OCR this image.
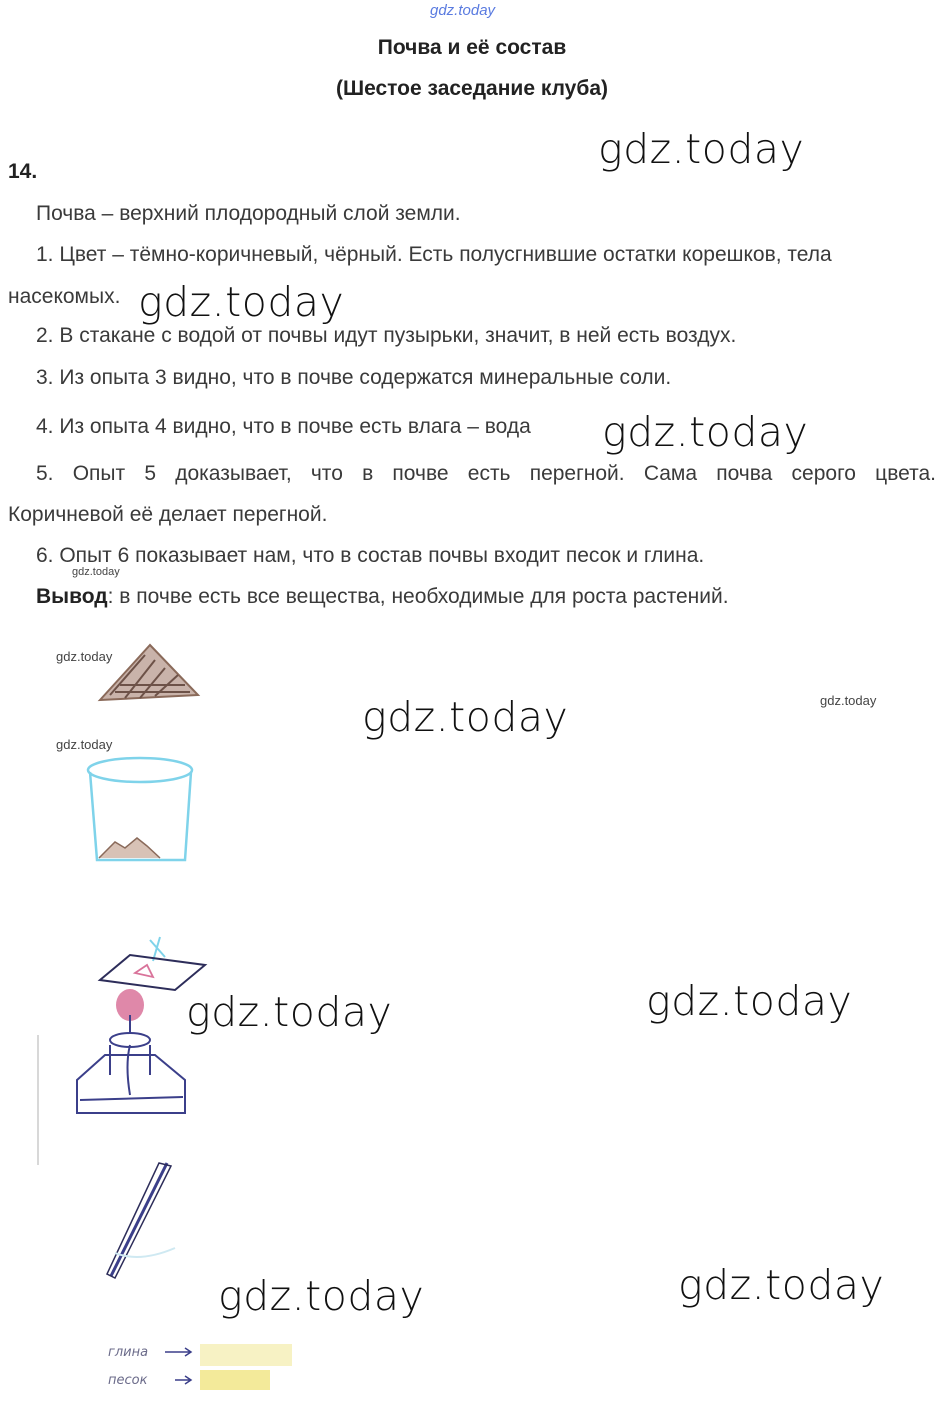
gdz.today
Почва и её состав
(Шестое заседание клуба)
gdz.today
gdz.today
gdz.today
gdz.today
gdz.today	gdz.today
gdz.today	gdz.today
14.
Почва – верхний плодородный слой земли.
1. Цвет – тёмно-коричневый, чёрный. Есть полусгнившие остатки корешков, тела
насекомых.
2. В стакане с водой от почвы идут пузырьки, значит, в ней есть воздух.
3. Из опыта 3 видно, что в почве содержатся минеральные соли.
4. Из опыта 4 видно, что в почве есть влага – вода
5. Опыт 5 доказывает, что в почве есть перегной. Сама почва серого цвета.
Коричневой её делает перегной.
6. Опыт 6 показывает нам, что в состав почвы входит песок и глина.
gdz.today
Вывод: в почве есть все вещества, необходимые для роста растений.
gdz.today
gdz.today
gdz.today
глина
песок
